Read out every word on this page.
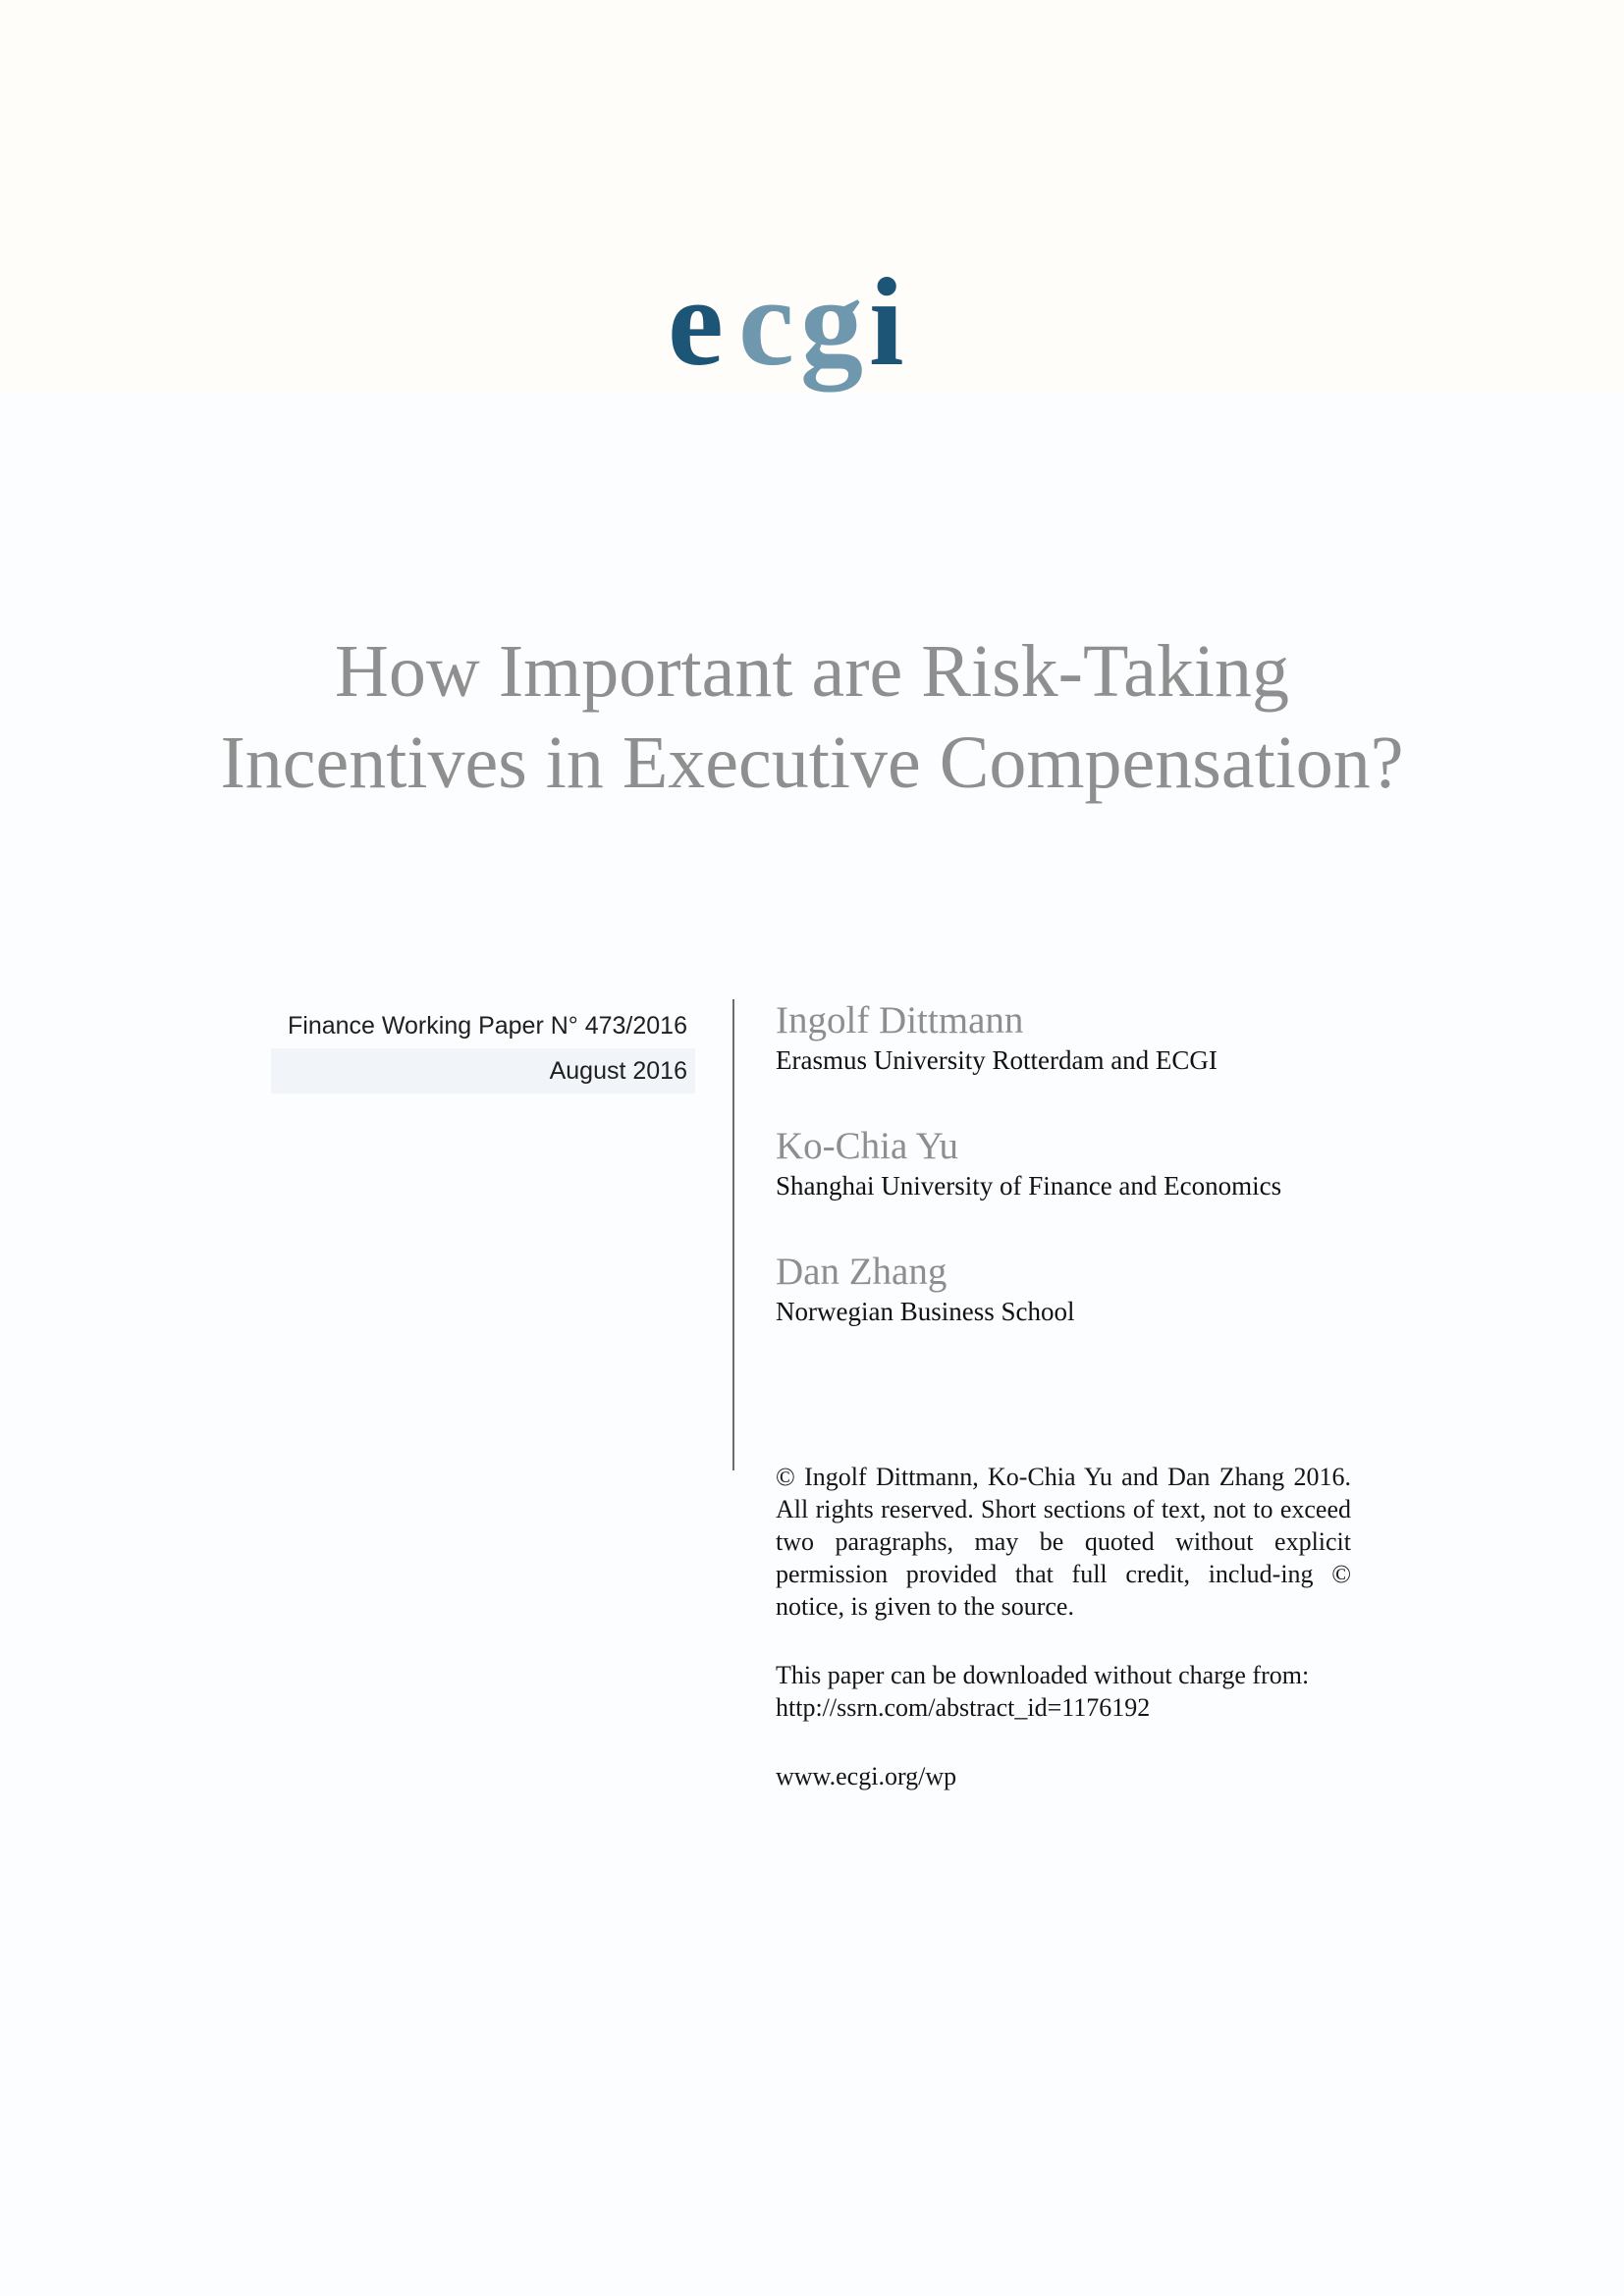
e c g i
How Important are Risk-Taking
Incentives in Executive Compensation?
Finance Working Paper N° 473/2016
August 2016
Ingolf Dittmann
Erasmus University Rotterdam and ECGI
Ko-Chia Yu
Shanghai University of Finance and Economics
Dan Zhang
Norwegian Business School
© Ingolf Dittmann, Ko-Chia Yu and Dan Zhang 2016. All rights reserved. Short sections of text, not to exceed two paragraphs, may be quoted without explicit permission provided that full credit, includ-ing © notice, is given to the source.
This paper can be downloaded without charge from:
http://ssrn.com/abstract_id=1176192
www.ecgi.org/wp
